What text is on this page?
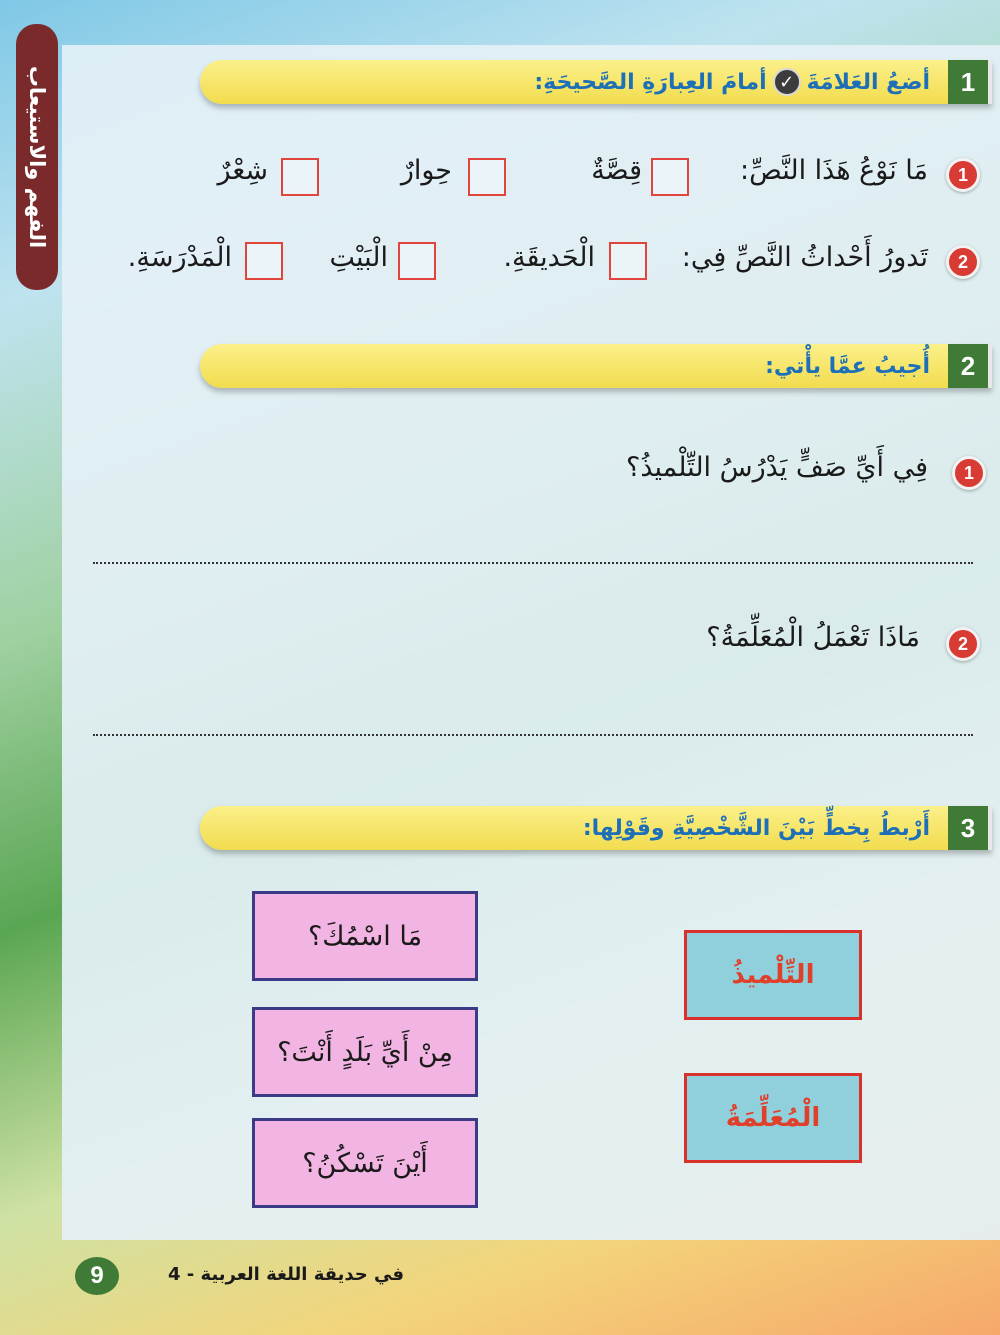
الفهم والاستيعاب	1
أضعُ العَلامَةَ
✓
أمامَ العِبارَةِ الصَّحيحَةِ:
1
مَا نَوْعُ هَذَا النَّصِّ:
قِصَّةٌ
حِوارٌ
شِعْرٌ
2
تَدورُ أَحْداثُ النَّصِّ فِي:
الْحَديقَةِ.
الْبَيْتِ
الْمَدْرَسَةِ.
2
أُجيبُ عمَّا يأْتي:
1
فِي أَيِّ صَفٍّ يَدْرُسُ التِّلْميذُ؟
2
مَاذَا تَعْمَلُ الْمُعَلِّمَةُ؟
3
أَرْبطُ بِخطٍّ بَيْنَ الشَّخْصِيَّةِ وقَوْلِها:
مَا اسْمُكَ؟
مِنْ أَيِّ بَلَدٍ أَنْتَ؟
أَيْنَ تَسْكُنُ؟
التِّلْميذُ
الْمُعَلِّمَةُ
9	في حديقة اللغة العربية - 4
